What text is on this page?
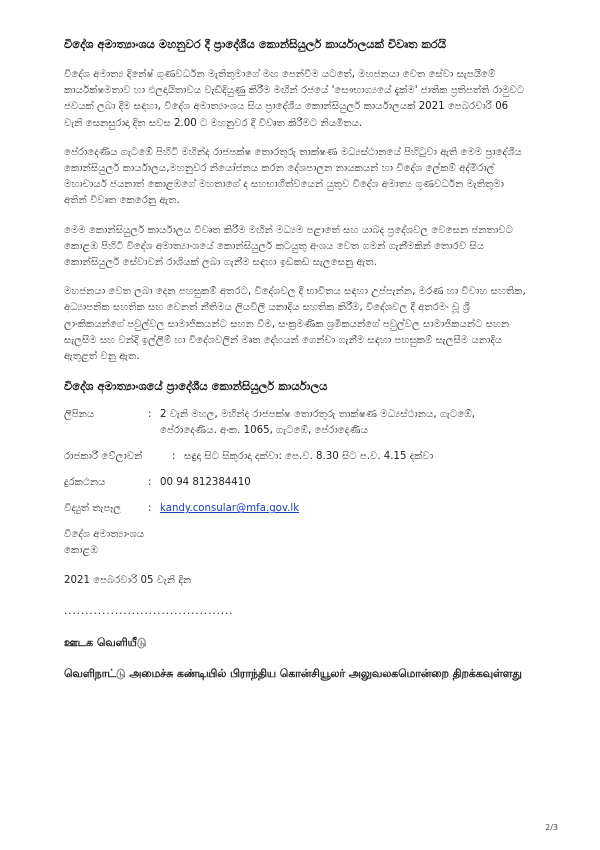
විදේශ අමාත්‍යාංශය මහනුවර දී ප්‍රාදේශීය කොන්සියුලර් කාර්යාලයක් විවෘත කරයි

විදේශ අමාත්‍ය දිනේෂ් ගුණවර්ධන මැතිතුමාගේ මඟ පෙන්වීම යටතේ, මහජනයා වෙත සේවා සැපයීමේ කාර්යක්ෂමතාව හා ඵලදායිතාවය වැඩිදියුණු කිරීම මඟින් රජයේ 'සෞභාග්‍යයේ දැක්ම' ජාතික ප්‍රතිපත්ති රාමුවට ජවයක් ලබා දීම සඳහා, විදේශ අමාත්‍යාංශය සිය ප්‍රාදේශීය කොන්සියුලර් කාර්යාලයක් 2021 පෙබරවාරි 06 වැනි සෙනසුරාදා දින සවස 2.00 ට මහනුවර දී විවෘත කිරීමට නියමිතය.

පේරාදෙණිය ගැටඹේ පිහිටි මහින්ද රාජපක්ෂ තොරතුරු තාක්ෂණ මධ්‍යස්ථානයේ පිහිටුවා ඇති මෙම ප්‍රාදේශීය කොන්සියුලර් කාර්යාලය,මහනුවර නියෝජනය කරන දේශපාලන නායකයන් හා විදේශ ලේකම් අද්මිරාල් මහාචාර්ය ජයනාත් කොළඹගේ මහතාගේ ද සහභාගීත්වයෙන් යුතුව විදේශ අමාත්‍ය ගුණවර්ධන මැතිතුමා අතින් විවෘත කෙරෙනු ඇත.

මෙම කොන්සියුලර් කාර්යාලය විවෘත කිරීම මඟින් මධ්‍යම පළාතේ සහ යාබද ප්‍රදේශවල වෙසෙන ජනතාවට කොළඹ පිහිටි විදේශ අමාත්‍යාංශයේ කොන්සියුලර් කටයුතු අංශය වෙත ගමන් ගැනීමකින් තොරව සිය කොන්සියුලර් සේවාවන් රාශියක් ලබා ගැනීම සඳහා ඉඩකඩ සැලසෙනු ඇත.

මහජනයා වෙත ලබා දෙන පහසුකම් අතරට, විදේශවල දී භාවිතය සඳහා උප්පැන්න, මරණ හා විවාහ සහතික, අධ්‍යාපනික සහතික සහ වෙනත් නීතිමය ලියවිලි යනාදිය සහතික කිරීම, විදේශවල දී අතරමං වූ ශ්‍රී ලාංකිකයන්ගේ පවුල්වල සාමාජිකයන්ට සහන වීම, සංක්‍රමණික ශ්‍රමිකයන්ගේ පවුල්වල සාමාජිකයන්ට සහන සැලසීම සහ වන්දි ඉල්ලීම් හා විදේශවලින් මෘත දේහයන් ගෙන්වා ගැනීම සඳහා පහසුකම් සැලසීම යනාදිය ඇතුළත් වනු ඇත.

විදේශ අමාත්‍යාංශයේ ප්‍රාදේශීය කොන්සියුලර් කාර්යාලය
ලිපිනය	: 2 වැනි මහල, මහින්ද රාජපක්ෂ තොරතුරු තාක්ෂණ මධ්‍යස්ථානය, ගැටඹේ, පේරාදෙණිය. අංක. 1065, ගැටඹේ, පේරාදෙණිය
රාජකාරී වේලාවන්	: සඳුදා සිට සිකුරාදා දක්වා: පෙ.ව. 8.30 සිට ප.ව. 4.15 දක්වා
දුරකථනය	: 00 94 812384410
විද්‍යුත් තැපෑල	: kandy.consular@mfa.gov.lk
විදේශ අමාත්‍යාංශය
කොළඹ
2021 පෙබරවාරි 05 වැනි දින
........................................
ஊடக வெளியீடு
வெளிநாட்டு அமைச்சு கண்டியில் பிராந்திய கொன்சியூலர் அலுவலகமொன்றை திறக்கவுள்ளது
2/3
